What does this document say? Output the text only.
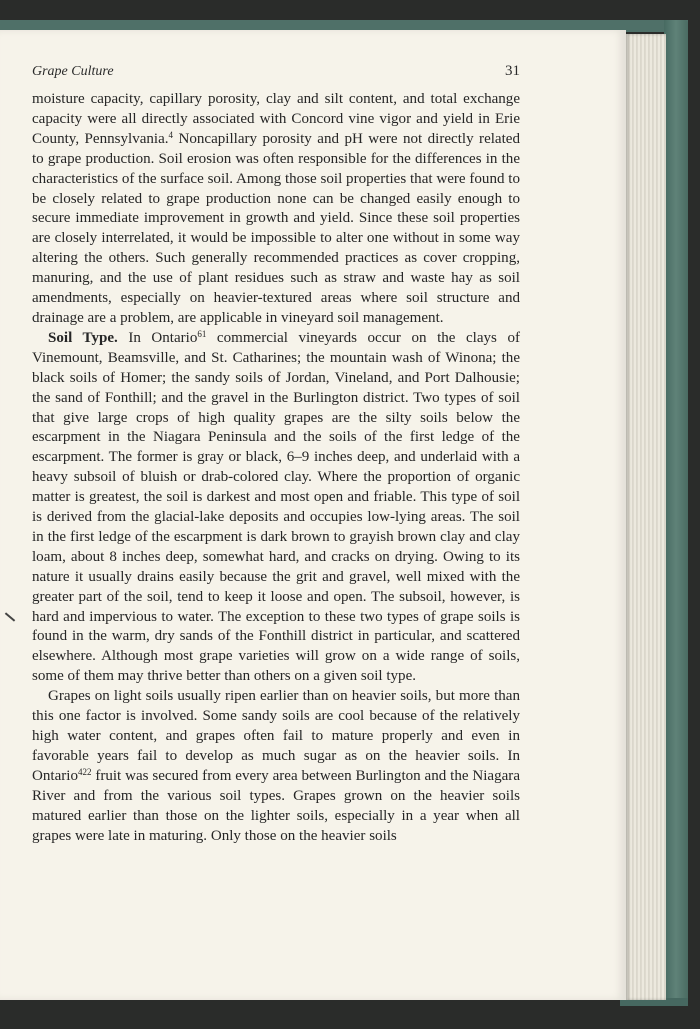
Grape Culture	31

moisture capacity, capillary porosity, clay and silt content, and total exchange capacity were all directly associated with Concord vine vigor and yield in Erie County, Pennsylvania.$^4$ Noncapillary porosity and pH were not directly related to grape production. Soil erosion was often responsible for the differences in the characteristics of the surface soil. Among those soil properties that were found to be closely related to grape production none can be changed easily enough to secure immediate improvement in growth and yield. Since these soil properties are closely interrelated, it would be impossible to alter one without in some way altering the others. Such generally recommended practices as cover cropping, manuring, and the use of plant residues such as straw and waste hay as soil amendments, especially on heavier-textured areas where soil structure and drainage are a problem, are applicable in vineyard soil management.

Soil Type. In Ontario$^{61}$ commercial vineyards occur on the clays of Vinemount, Beamsville, and St. Catharines; the mountain wash of Winona; the black soils of Homer; the sandy soils of Jordan, Vineland, and Port Dalhousie; the sand of Fonthill; and the gravel in the Burlington district. Two types of soil that give large crops of high quality grapes are the silty soils below the escarpment in the Niagara Peninsula and the soils of the first ledge of the escarpment. The former is gray or black, 6–9 inches deep, and underlaid with a heavy subsoil of bluish or drab-colored clay. Where the proportion of organic matter is greatest, the soil is darkest and most open and friable. This type of soil is derived from the glacial-lake deposits and occupies low-lying areas. The soil in the first ledge of the escarpment is dark brown to grayish brown clay and clay loam, about 8 inches deep, somewhat hard, and cracks on drying. Owing to its nature it usually drains easily because the grit and gravel, well mixed with the greater part of the soil, tend to keep it loose and open. The subsoil, however, is hard and impervious to water. The exception to these two types of grape soils is found in the warm, dry sands of the Fonthill district in particular, and scattered elsewhere. Although most grape varieties will grow on a wide range of soils, some of them may thrive better than others on a given soil type.

Grapes on light soils usually ripen earlier than on heavier soils, but more than this one factor is involved. Some sandy soils are cool because of the relatively high water content, and grapes often fail to mature properly and even in favorable years fail to develop as much sugar as on the heavier soils. In Ontario$^{422}$ fruit was secured from every area between Burlington and the Niagara River and from the various soil types. Grapes grown on the heavier soils matured earlier than those on the lighter soils, especially in a year when all grapes were late in maturing. Only those on the heavier soils
